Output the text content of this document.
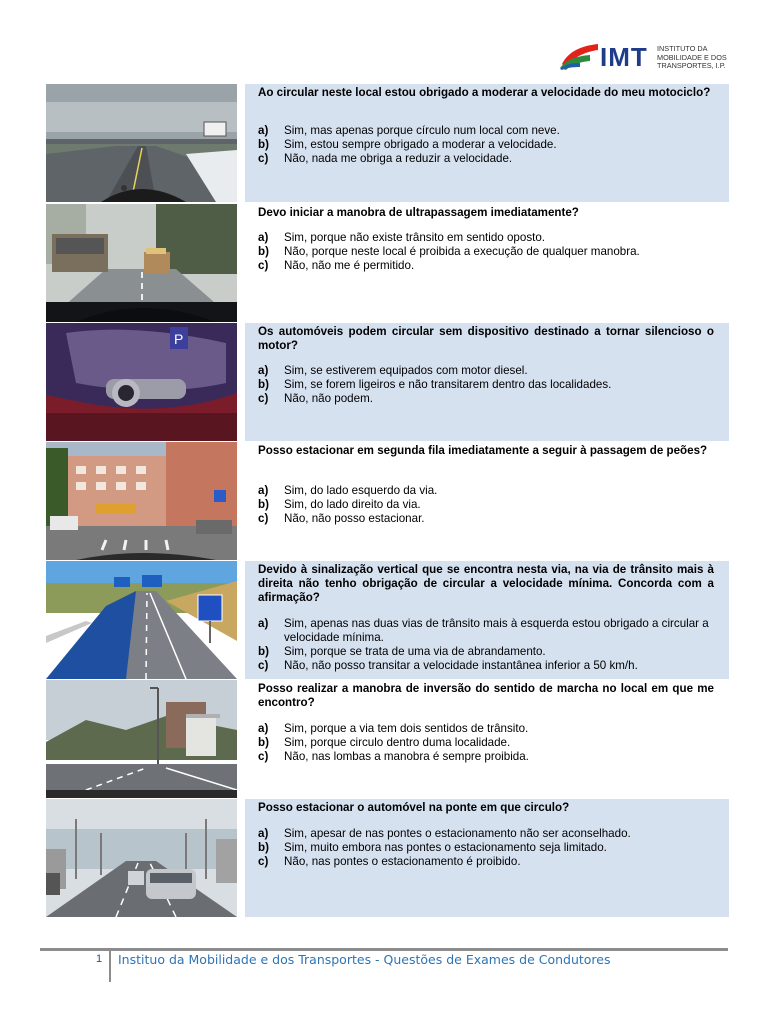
IMT INSTITUTO DA
MOBILIDADE E DOS
TRANSPORTES, I.P.
Ao circular neste local estou obrigado a moderar a velocidade do meu motociclo?
a) Sim, mas apenas porque círculo num local com neve.
b) Sim, estou sempre obrigado a moderar a velocidade.
c) Não, nada me obriga a reduzir a velocidade.
Devo iniciar a manobra de ultrapassagem imediatamente?
a) Sim, porque não existe trânsito em sentido oposto.
b) Não, porque neste local é proibida a execução de qualquer manobra.
c) Não, não me é permitido.
P	Os automóveis podem circular sem dispositivo destinado a tornar silencioso o motor?
a) Sim, se estiverem equipados com motor diesel.
b) Sim, se forem ligeiros e não transitarem dentro das localidades.
c) Não, não podem.
Posso estacionar em segunda fila imediatamente a seguir à passagem de peões?
a) Sim, do lado esquerdo da via.
b) Sim, do lado direito da via.
c) Não, não posso estacionar.
Devido à sinalização vertical que se encontra nesta via, na via de trânsito mais à direita não tenho obrigação de circular a velocidade mínima. Concorda com a afirmação?
a) Sim, apenas nas duas vias de trânsito mais à esquerda estou obrigado a circular a velocidade mínima.
b) Sim, porque se trata de uma via de abrandamento.
c) Não, não posso transitar a velocidade instantânea inferior a 50 km/h.
Posso realizar a manobra de inversão do sentido de marcha no local em que me encontro?
a) Sim, porque a via tem dois sentidos de trânsito.
b) Sim, porque circulo dentro duma localidade.
c) Não, nas lombas a manobra é sempre proibida.
Posso estacionar o automóvel na ponte em que circulo?
a) Sim, apesar de nas pontes o estacionamento não ser aconselhado.
b) Sim, muito embora nas pontes o estacionamento seja limitado.
c) Não, nas pontes o estacionamento é proibido.
1 Instituo da Mobilidade e dos Transportes - Questões de Exames de Condutores
